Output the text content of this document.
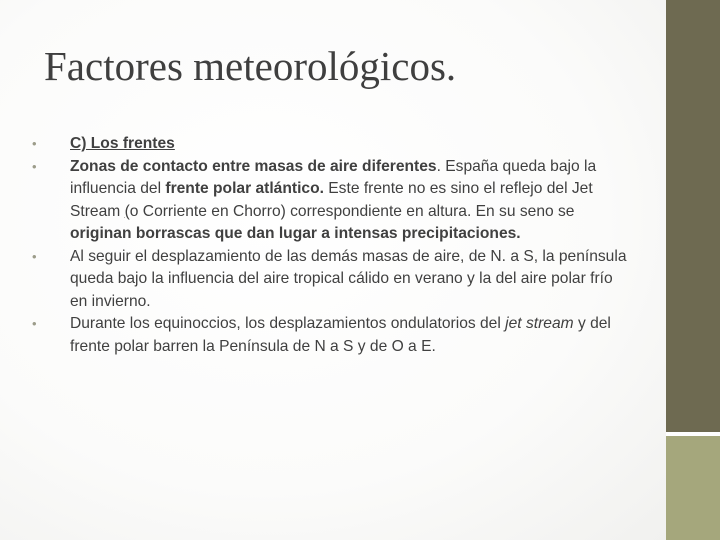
Factores meteorológicos.
• C) Los frentes
• Zonas de contacto entre masas de aire diferentes. España queda bajo la influencia del frente polar atlántico. Este frente no es sino el reflejo del Jet Stream (o Corriente en Chorro) correspondiente en altura. En su seno se originan borrascas que dan lugar a intensas precipitaciones.
• Al seguir el desplazamiento de las demás masas de aire, de N. a S, la península queda bajo la influencia del aire tropical cálido en verano y la del aire polar frío en invierno.
• Durante los equinoccios, los desplazamientos ondulatorios del jet stream y del frente polar barren la Península de N a S y de O a E.
